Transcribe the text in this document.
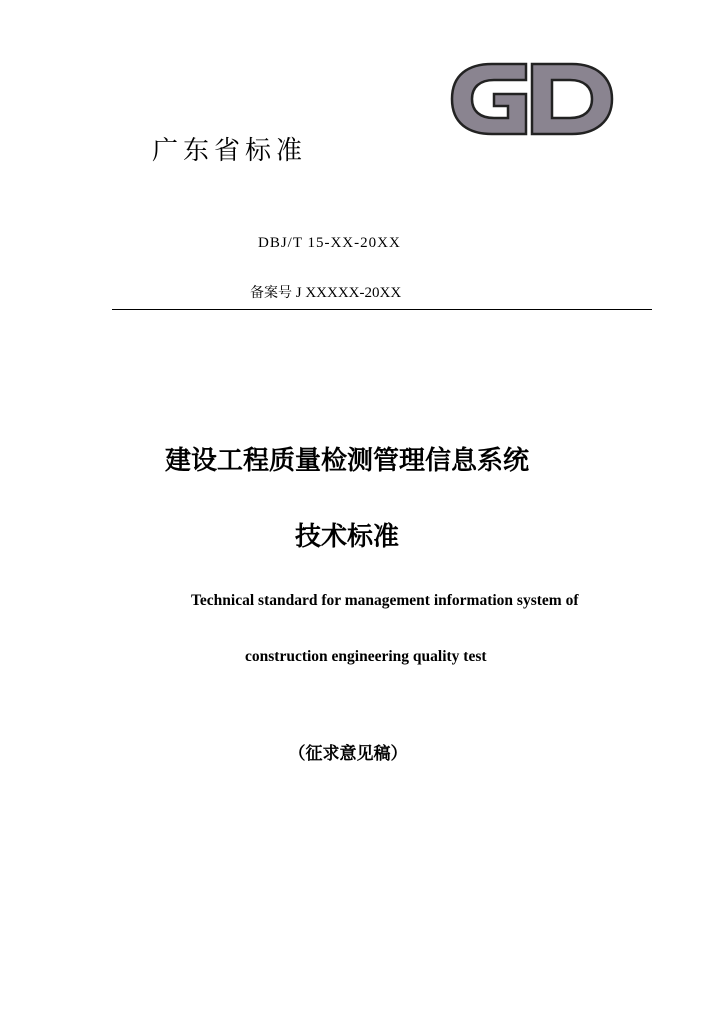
广东省标准
DBJ/T 15-XX-20XX
备案号 J XXXXX-20XX
建设工程质量检测管理信息系统
技术标准
Technical standard for management information system of
construction engineering quality test
（征求意见稿）
